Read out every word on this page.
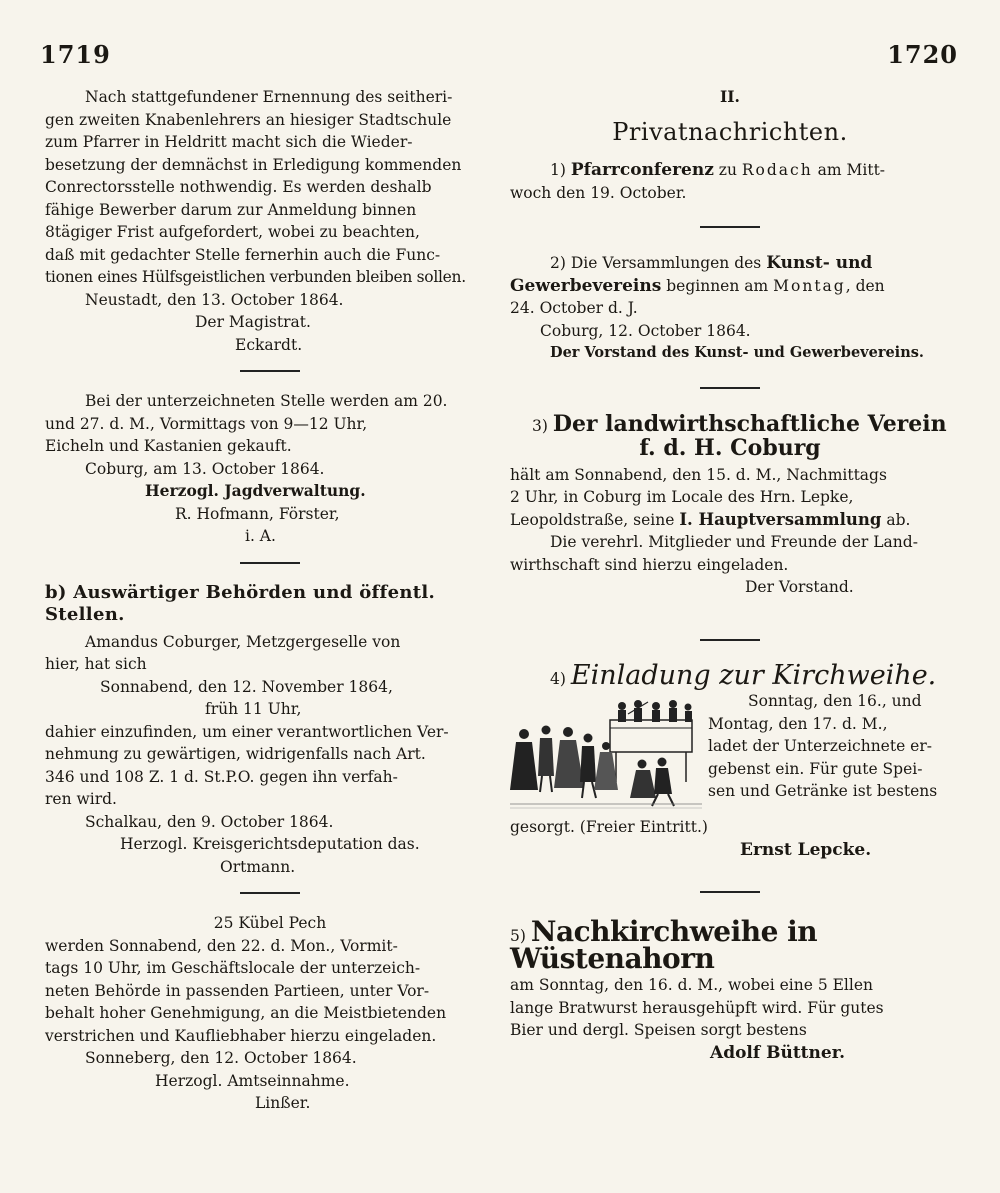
1719	1720

Nach stattgefundener Ernennung des seitheri-

gen zweiten Knabenlehrers an hiesiger Stadtschule

zum Pfarrer in Heldritt macht sich die Wieder-

besetzung der demnächst in Erledigung kommenden

Conrectorsstelle nothwendig. Es werden deshalb

fähige Bewerber darum zur Anmeldung binnen

8tägiger Frist aufgefordert, wobei zu beachten,

daß mit gedachter Stelle fernerhin auch die Func-

tionen eines Hülfsgeistlichen verbunden bleiben sollen.

Neustadt, den 13. October 1864.

Der Magistrat.

Eckardt.

Bei der unterzeichneten Stelle werden am 20.

und 27. d. M., Vormittags von 9—12 Uhr,

Eicheln und Kastanien gekauft.

Coburg, am 13. October 1864.

Herzogl. Jagdverwaltung.

R. Hofmann, Förster,

i. A.

b) Auswärtiger Behörden und öffentl. Stellen.

Amandus Coburger, Metzgergeselle von

hier, hat sich

Sonnabend, den 12. November 1864,

früh 11 Uhr,

dahier einzufinden, um einer verantwortlichen Ver-

nehmung zu gewärtigen, widrigenfalls nach Art.

346 und 108 Z. 1 d. St.P.O. gegen ihn verfah-

ren wird.

Schalkau, den 9. October 1864.

Herzogl. Kreisgerichtsdeputation das.

Ortmann.

25 Kübel Pech

werden Sonnabend, den 22. d. Mon., Vormit-

tags 10 Uhr, im Geschäftslocale der unterzeich-

neten Behörde in passenden Partieen, unter Vor-

behalt hoher Genehmigung, an die Meistbietenden

verstrichen und Kaufliebhaber hierzu eingeladen.

Sonneberg, den 12. October 1864.

Herzogl. Amtseinnahme.

Linßer.

II.

Privatnachrichten.

1) Pfarrconferenz zu Rodach am Mitt-

woch den 19. October.

2) Die Versammlungen des Kunst- und

Gewerbevereins beginnen am Montag, den

24. October d. J.

Coburg, 12. October 1864.

Der Vorstand des Kunst- und Gewerbevereins.

3) Der landwirthschaftliche Verein

f. d. H. Coburg

hält am Sonnabend, den 15. d. M., Nachmittags

2 Uhr, in Coburg im Locale des Hrn. Lepke,

Leopoldstraße, seine I. Hauptversammlung ab.

Die verehrl. Mitglieder und Freunde der Land-

wirthschaft sind hierzu eingeladen.

Der Vorstand.

4) Einladung zur Kirchweihe.

Sonntag, den 16., und

Montag, den 17. d. M.,

ladet der Unterzeichnete er-

gebenst ein. Für gute Spei-

sen und Getränke ist bestens

gesorgt. (Freier Eintritt.)

Ernst Lepcke.

5) Nachkirchweihe in Wüstenahorn

am Sonntag, den 16. d. M., wobei eine 5 Ellen

lange Bratwurst herausgehüpft wird. Für gutes

Bier und dergl. Speisen sorgt bestens

Adolf Büttner.
